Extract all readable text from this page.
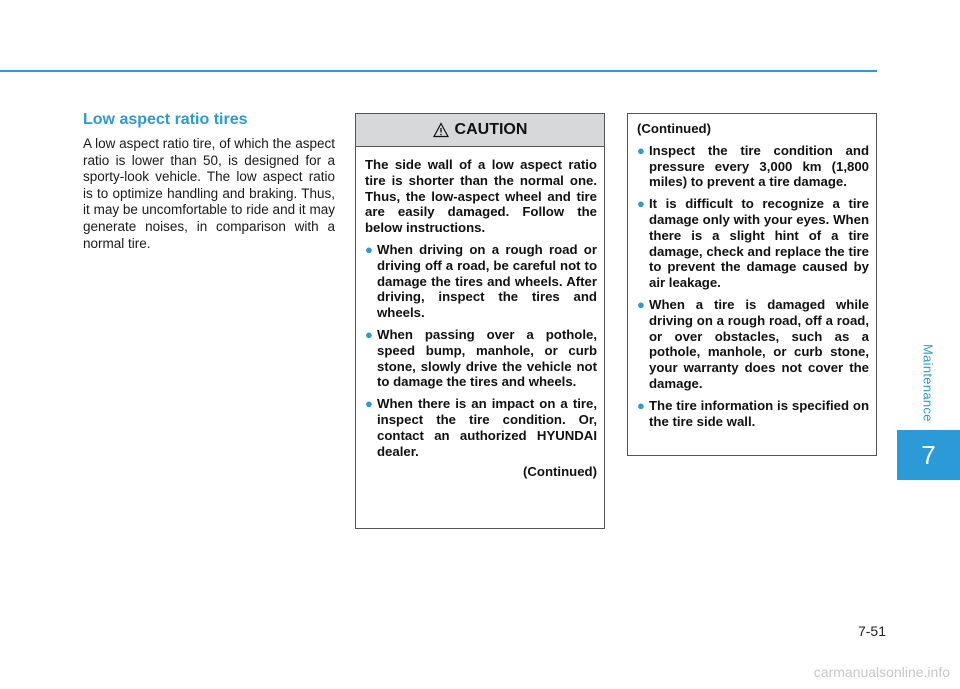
Maintenance
7
Low aspect ratio tires

A low aspect ratio tire, of which the aspect ratio is lower than 50, is designed for a sporty-look vehicle. The low aspect ratio is to optimize handling and braking. Thus, it may be uncomfortable to ride and it may generate noises, in comparison with a normal tire.

CAUTION

The side wall of a low aspect ratio tire is shorter than the normal one. Thus, the low-aspect wheel and tire are easily damaged. Follow the below instructions.

● When driving on a rough road or driving off a road, be careful not to damage the tires and wheels. After driving, inspect the tires and wheels.
● When passing over a pothole, speed bump, manhole, or curb stone, slowly drive the vehicle not to damage the tires and wheels.
● When there is an impact on a tire, inspect the tire condition. Or, contact an authorized HYUNDAI dealer.

(Continued)

(Continued)

● Inspect the tire condition and pressure every 3,000 km (1,800 miles) to prevent a tire damage.
● It is difficult to recognize a tire damage only with your eyes. When there is a slight hint of a tire damage, check and replace the tire to prevent the damage caused by air leakage.
● When a tire is damaged while driving on a rough road, off a road, or over obstacles, such as a pothole, manhole, or curb stone, your warranty does not cover the damage.
● The tire information is specified on the tire side wall.
7-51
carmanualsonline.info
